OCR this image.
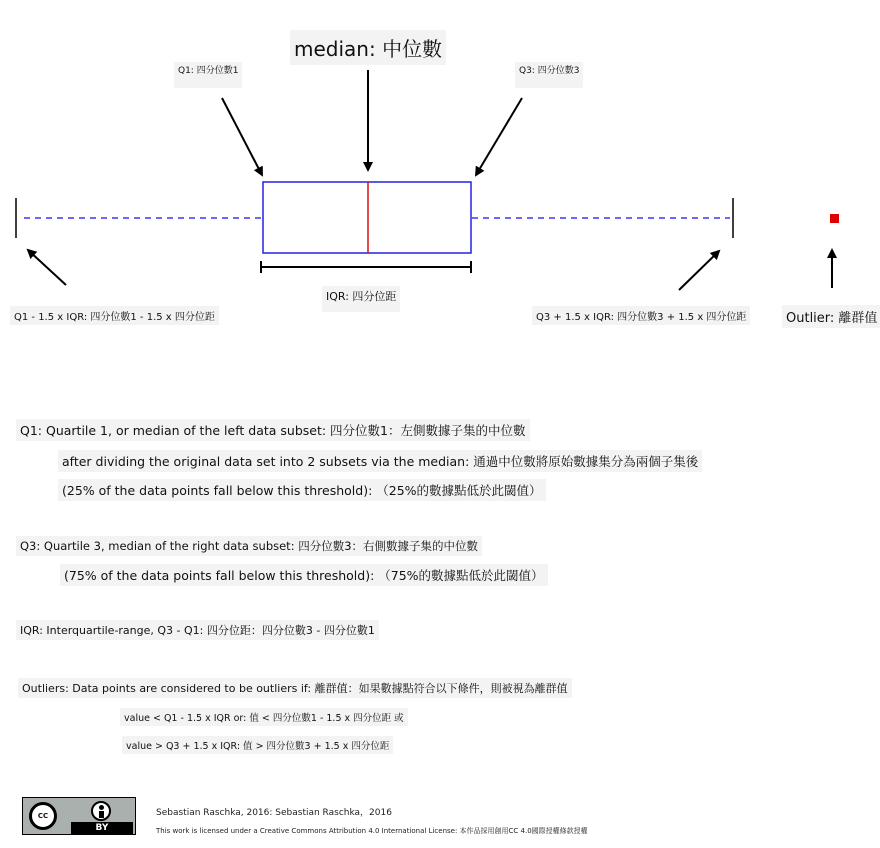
median: 中位數
Q1: 四分位數1	Q3: 四分位數3
IQR: 四分位距
Q1 - 1.5 x IQR: 四分位數1 - 1.5 x 四分位距	Q3 + 1.5 x IQR: 四分位數3 + 1.5 x 四分位距	Outlier: 離群值
Q1: Quartile 1, or median of the left data subset: 四分位數1：左側數據子集的中位數
after dividing the original data set into 2 subsets via the median: 通過中位數將原始數據集分為兩個子集後
(25% of the data points fall below this threshold): （25%的數據點低於此閾值）
Q3: Quartile 3, median of the right data subset: 四分位數3：右側數據子集的中位數
(75% of the data points fall below this threshold): （75%的數據點低於此閾值）
IQR: Interquartile-range, Q3 - Q1: 四分位距：四分位數3 - 四分位數1
Outliers: Data points are considered to be outliers if: 離群值：如果數據點符合以下條件，則被視為離群值
value < Q1 - 1.5 x IQR or: 值 < 四分位數1 - 1.5 x 四分位距 或
value > Q3 + 1.5 x IQR: 值 > 四分位數3 + 1.5 x 四分位距
CC
BY
Sebastian Raschka, 2016: Sebastian Raschka，2016
This work is licensed under a Creative Commons Attribution 4.0 International License: 本作品採用創用CC 4.0國際授權條款授權
